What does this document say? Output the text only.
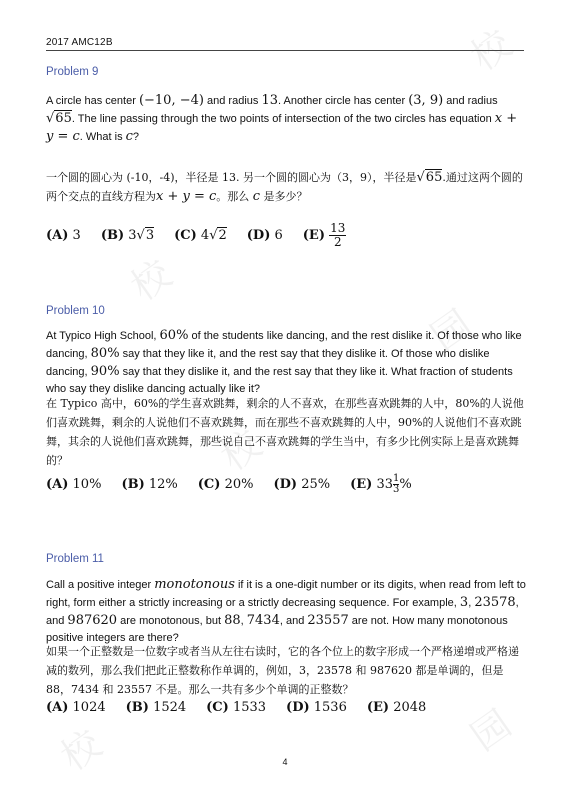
校
校
园
校
校	园
2017 AMC12B
Problem 9
A circle has center (−10, −4) and radius 13. Another circle has center (3, 9) and radius √65. The line passing through the two points of intersection of the two circles has equation x + y = c. What is c?
一个圆的圆心为 (-10，-4)，半径是 13. 另一个圆的圆心为（3，9），半径是√65.通过这两个圆的两个交点的直线方程为x + y = c。那么 c 是多少？
(A) 3 (B) 3√3 (C) 4√2 (D) 6 $(E) \frac{13}{2}$
Problem 10
At Typico High School, 60% of the students like dancing, and the rest dislike it. Of those who like dancing, 80% say that they like it, and the rest say that they dislike it. Of those who dislike dancing, 90% say that they dislike it, and the rest say that they like it. What fraction of students who say they dislike dancing actually like it?
在 Typico 高中，60%的学生喜欢跳舞，剩余的人不喜欢，在那些喜欢跳舞的人中，80%的人说他们喜欢跳舞，剩余的人说他们不喜欢跳舞，而在那些不喜欢跳舞的人中，90%的人说他们不喜欢跳舞，其余的人说他们喜欢跳舞，那些说自己不喜欢跳舞的学生当中，有多少比例实际上是喜欢跳舞的？
(A) 10% (B) 12% (C) 20% (D) 25% (E) $33 \frac{1}{3}$ %
Problem 11
Call a positive integer monotonous if it is a one-digit number or its digits, when read from left to right, form either a strictly increasing or a strictly decreasing sequence. For example, 3, 23578, and 987620 are monotonous, but 88, 7434, and 23557 are not. How many monotonous positive integers are there?
如果一个正整数是一位数字或者当从左往右读时，它的各个位上的数字形成一个严格递增或严格递减的数列，那么我们把此正整数称作单调的，例如，3，23578 和 987620 都是单调的，但是 88，7434 和 23557 不是。那么一共有多少个单调的正整数？
(A) 1024 (B) 1524 (C) 1533 (D) 1536 (E) 2048
4
